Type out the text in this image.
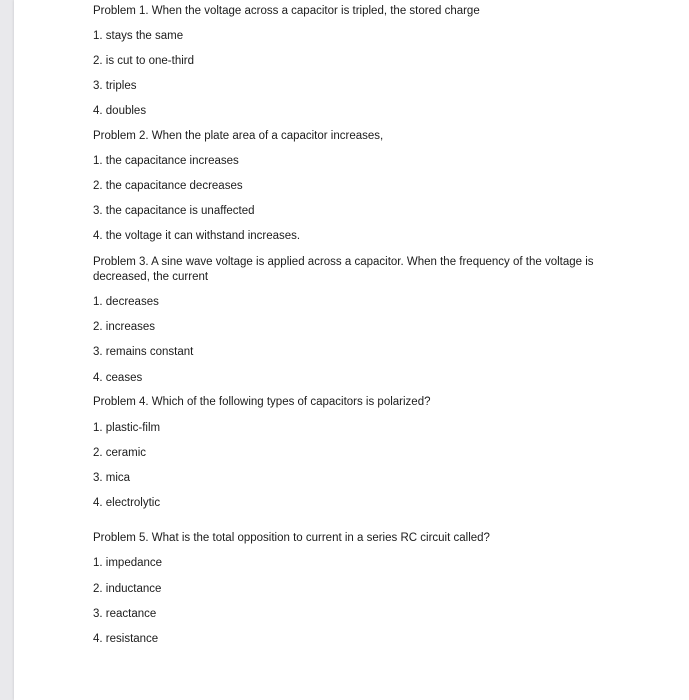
Problem 1. When the voltage across a capacitor is tripled, the stored charge

1. stays the same

2. is cut to one-third

3. triples

4. doubles

Problem 2. When the plate area of a capacitor increases,

1. the capacitance increases

2. the capacitance decreases

3. the capacitance is unaffected

4. the voltage it can withstand increases.

Problem 3. A sine wave voltage is applied across a capacitor. When the frequency of the voltage is decreased, the current

1. decreases

2. increases

3. remains constant

4. ceases

Problem 4. Which of the following types of capacitors is polarized?

1. plastic-film

2. ceramic

3. mica

4. electrolytic

Problem 5. What is the total opposition to current in a series RC circuit called?

1. impedance

2. inductance

3. reactance

4. resistance
